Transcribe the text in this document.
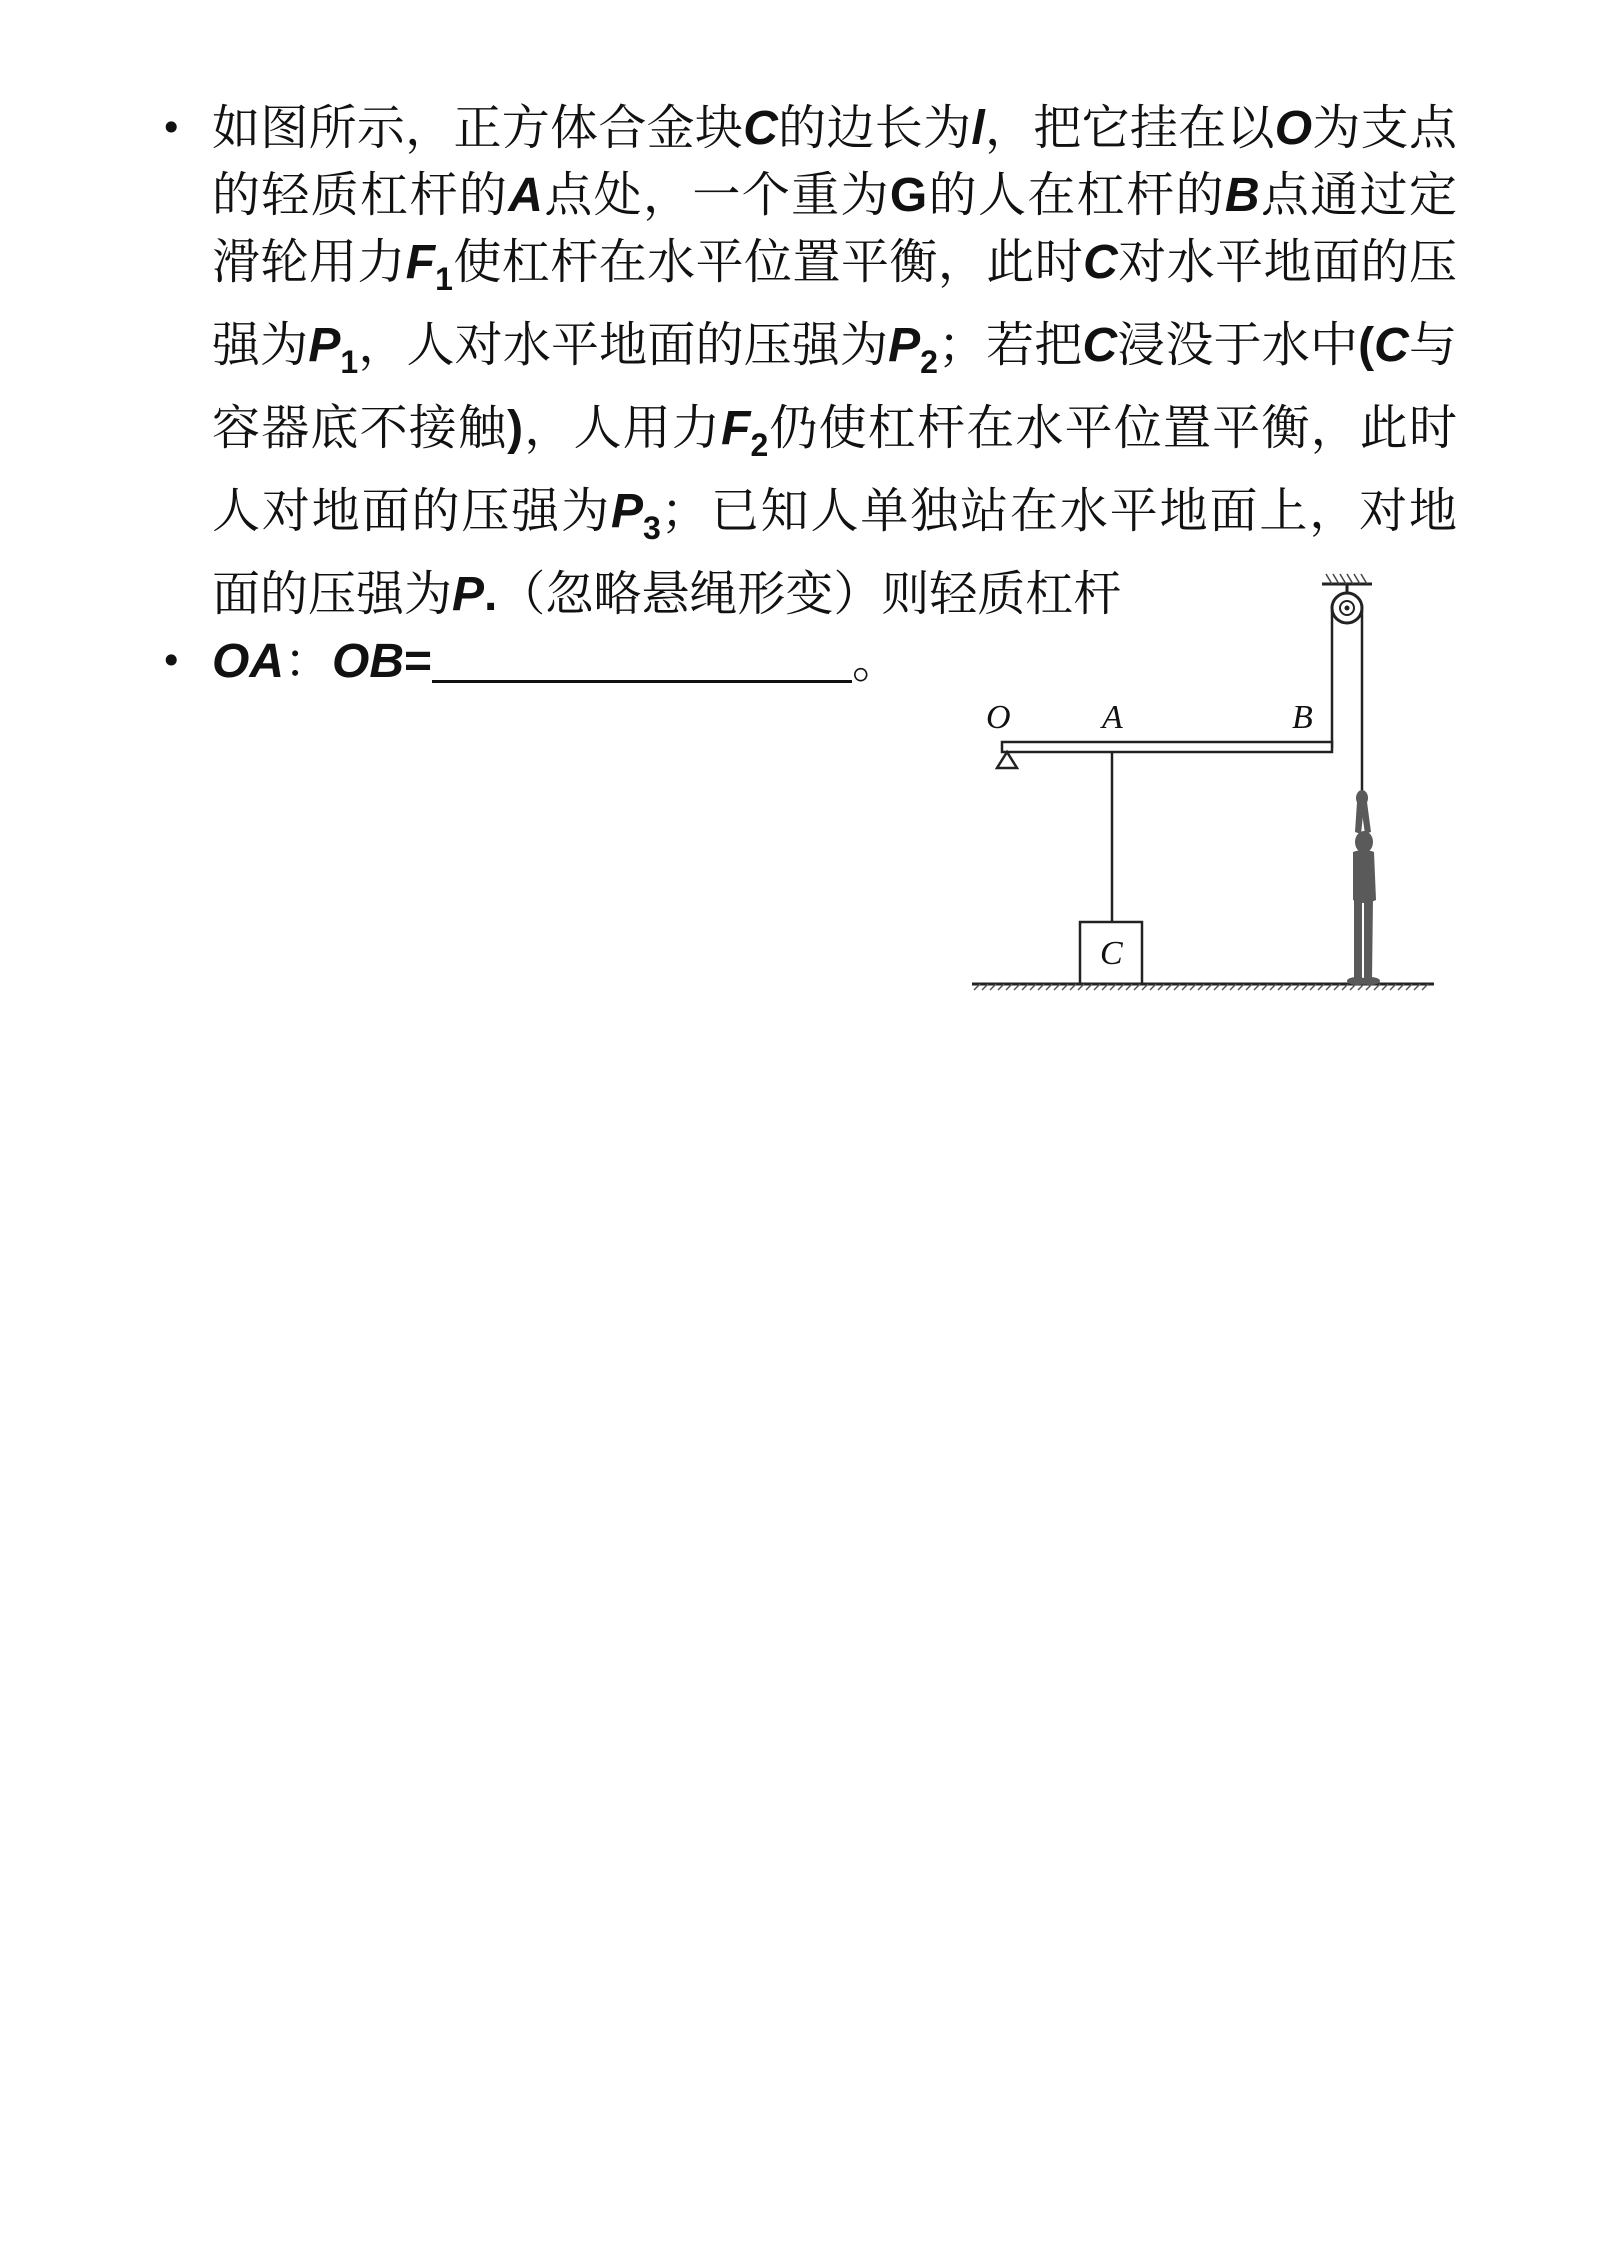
• 如图所示，正方体合金块C的边长为l，把它挂在以O为支点的轻质杠杆的A点处，一个重为G的人在杠杆的B点通过定滑轮用力$F_1$使杠杆在水平位置平衡，此时C对水平地面的压强为$P_1$，人对水平地面的压强为$P_2$；若把C浸没于水中(C与容器底不接触)，人用力$F_2$仍使杠杆在水平位置平衡，此时人对地面的压强为$P_3$；已知人单独站在水平地面上，对地面的压强为P.（忽略悬绳形变）则轻质杠杆
• OA：OB=	。
O	A	B
C
